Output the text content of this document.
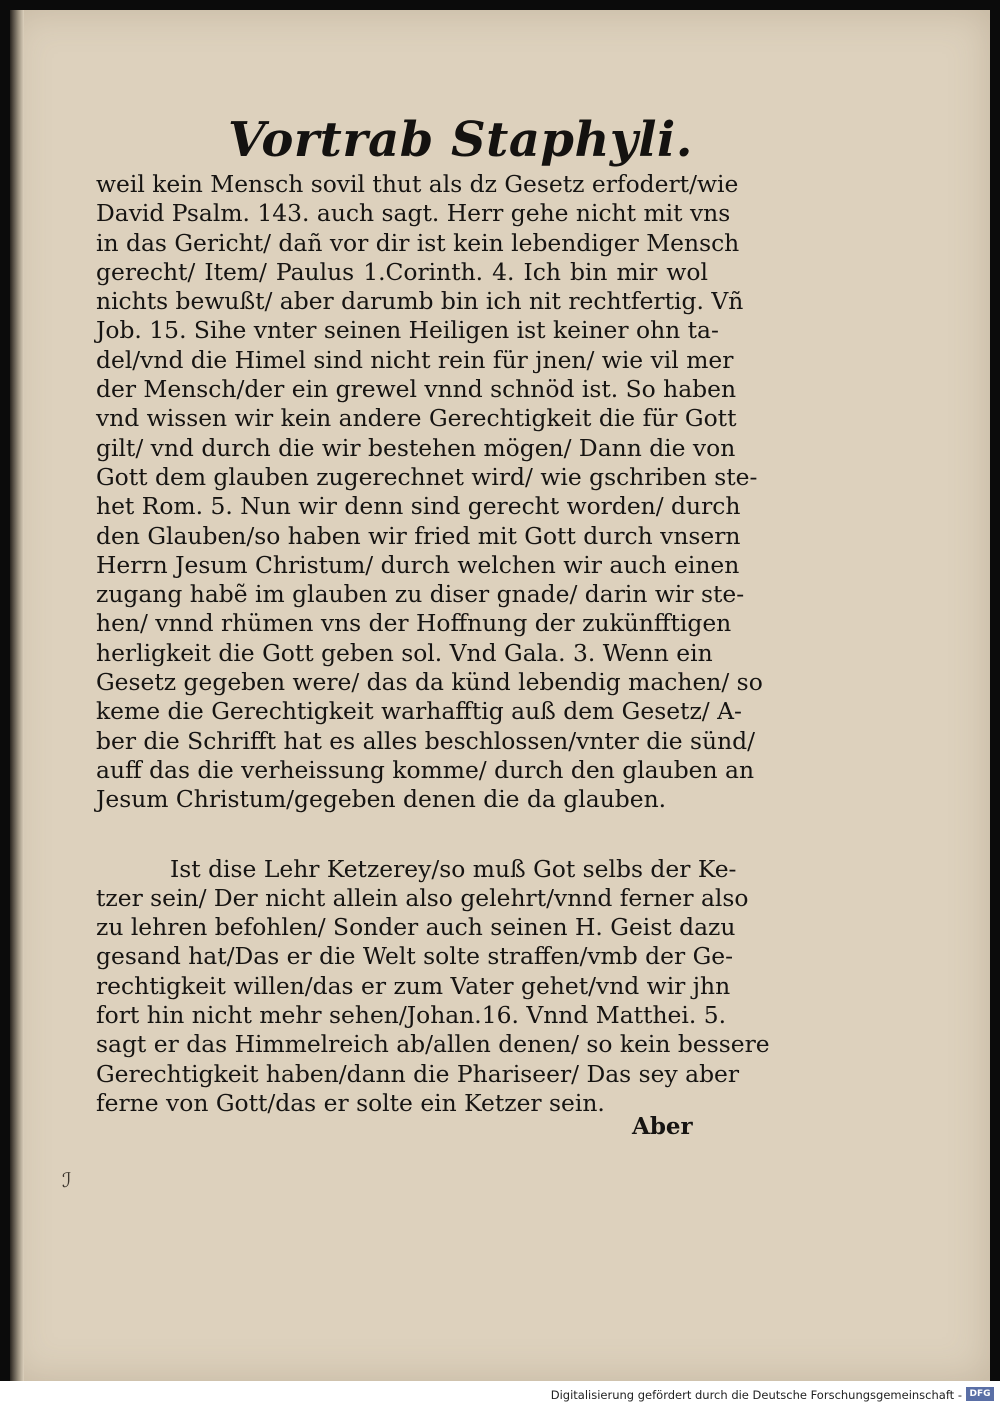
Vortrab Staphyli.
weil kein Mensch sovil thut als dz Gesetz erfodert/wie
David Psalm. 143. auch sagt. Herr gehe nicht mit vns
in das Gericht/ dañ vor dir ist kein lebendiger Mensch
gerecht/ Item/ Paulus 1.Corinth. 4. Ich bin mir wol
nichts bewußt/ aber darumb bin ich nit rechtfertig. Vñ
Job. 15. Sihe vnter seinen Heiligen ist keiner ohn ta-
del/vnd die Himel sind nicht rein für jnen/ wie vil mer
der Mensch/der ein grewel vnnd schnöd ist. So haben
vnd wissen wir kein andere Gerechtigkeit die für Gott
gilt/ vnd durch die wir bestehen mögen/ Dann die von
Gott dem glauben zugerechnet wird/ wie gschriben ste-
het Rom. 5. Nun wir denn sind gerecht worden/ durch
den Glauben/so haben wir fried mit Gott durch vnsern
Herrn Jesum Christum/ durch welchen wir auch einen
zugang habẽ im glauben zu diser gnade/ darin wir ste-
hen/ vnnd rhümen vns der Hoffnung der zukünfftigen
herligkeit die Gott geben sol. Vnd Gala. 3. Wenn ein
Gesetz gegeben were/ das da künd lebendig machen/ so
keme die Gerechtigkeit warhafftig auß dem Gesetz/ A-
ber die Schrifft hat es alles beschlossen/vnter die sünd/
auff das die verheissung komme/ durch den glauben an
Jesum Christum/gegeben denen die da glauben.
Ist dise Lehr Ketzerey/so muß Got selbs der Ke-
tzer sein/ Der nicht allein also gelehrt/vnnd ferner also
zu lehren befohlen/ Sonder auch seinen H. Geist dazu
gesand hat/Das er die Welt solte straffen/vmb der Ge-
rechtigkeit willen/das er zum Vater gehet/vnd wir jhn
fort hin nicht mehr sehen/Johan.16. Vnnd Matthei. 5.
sagt er das Himmelreich ab/allen denen/ so kein bessere
Gerechtigkeit haben/dann die Phariseer/ Das sey aber
ferne von Gott/das er solte ein Ketzer sein.
Aber
ℐ
Digitalisierung gefördert durch die Deutsche Forschungsgemeinschaft - DFG
